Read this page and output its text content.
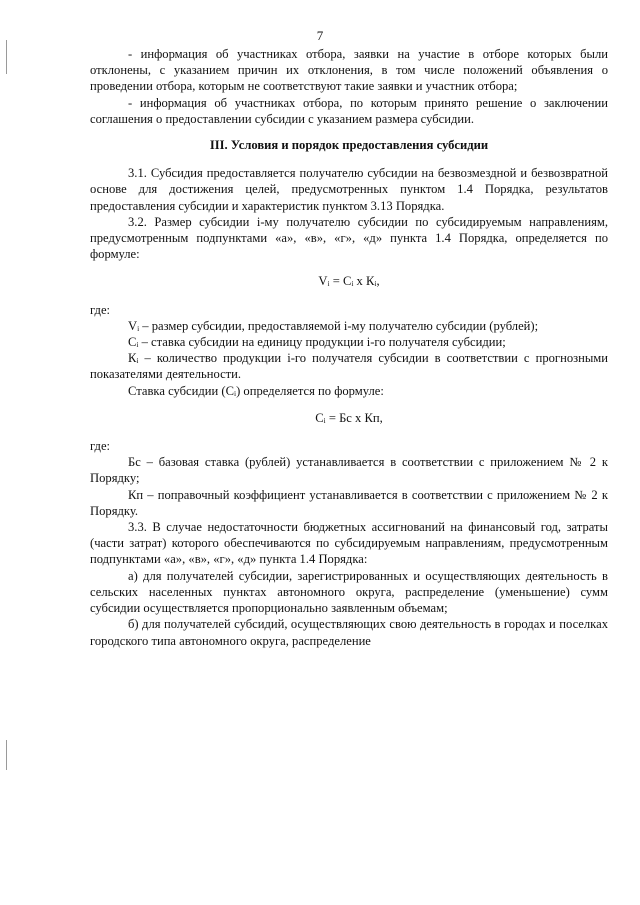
7

- информация об участниках отбора, заявки на участие в отборе которых были отклонены, с указанием причин их отклонения, в том числе положений объявления о проведении отбора, которым не соответствуют такие заявки и участник отбора;

- информация об участниках отбора, по которым принято решение о заключении соглашения о предоставлении субсидии с указанием размера субсидии.

III. Условия и порядок предоставления субсидии

3.1. Субсидия предоставляется получателю субсидии на безвозмездной и безвозвратной основе для достижения целей, предусмотренных пунктом 1.4 Порядка, результатов предоставления субсидии и характеристик пунктом 3.13 Порядка.

3.2. Размер субсидии i-му получателю субсидии по субсидируемым направлениям, предусмотренным подпунктами «а», «в», «г», «д» пункта 1.4 Порядка, определяется по формуле:

Vᵢ = Cᵢ x Кᵢ,

где:

Vᵢ – размер субсидии, предоставляемой i-му получателю субсидии (рублей);

Cᵢ – ставка субсидии на единицу продукции i-го получателя субсидии;

Кᵢ – количество продукции i-го получателя субсидии в соответствии с прогнозными показателями деятельности.

Ставка субсидии (Cᵢ) определяется по формуле:

Cᵢ = Бс x Кп,

где:

Бс – базовая ставка (рублей) устанавливается в соответствии с приложением № 2 к Порядку;

Кп – поправочный коэффициент устанавливается в соответствии с приложением № 2 к Порядку.

3.3. В случае недостаточности бюджетных ассигнований на финансовый год, затраты (части затрат) которого обеспечиваются по субсидируемым направлениям, предусмотренным подпунктами «а», «в», «г», «д» пункта 1.4 Порядка:

а) для получателей субсидии, зарегистрированных и осуществляющих деятельность в сельских населенных пунктах автономного округа, распределение (уменьшение) сумм субсидии осуществляется пропорционально заявленным объемам;

б) для получателей субсидий, осуществляющих свою деятельность в городах и поселках городского типа автономного округа, распределение
